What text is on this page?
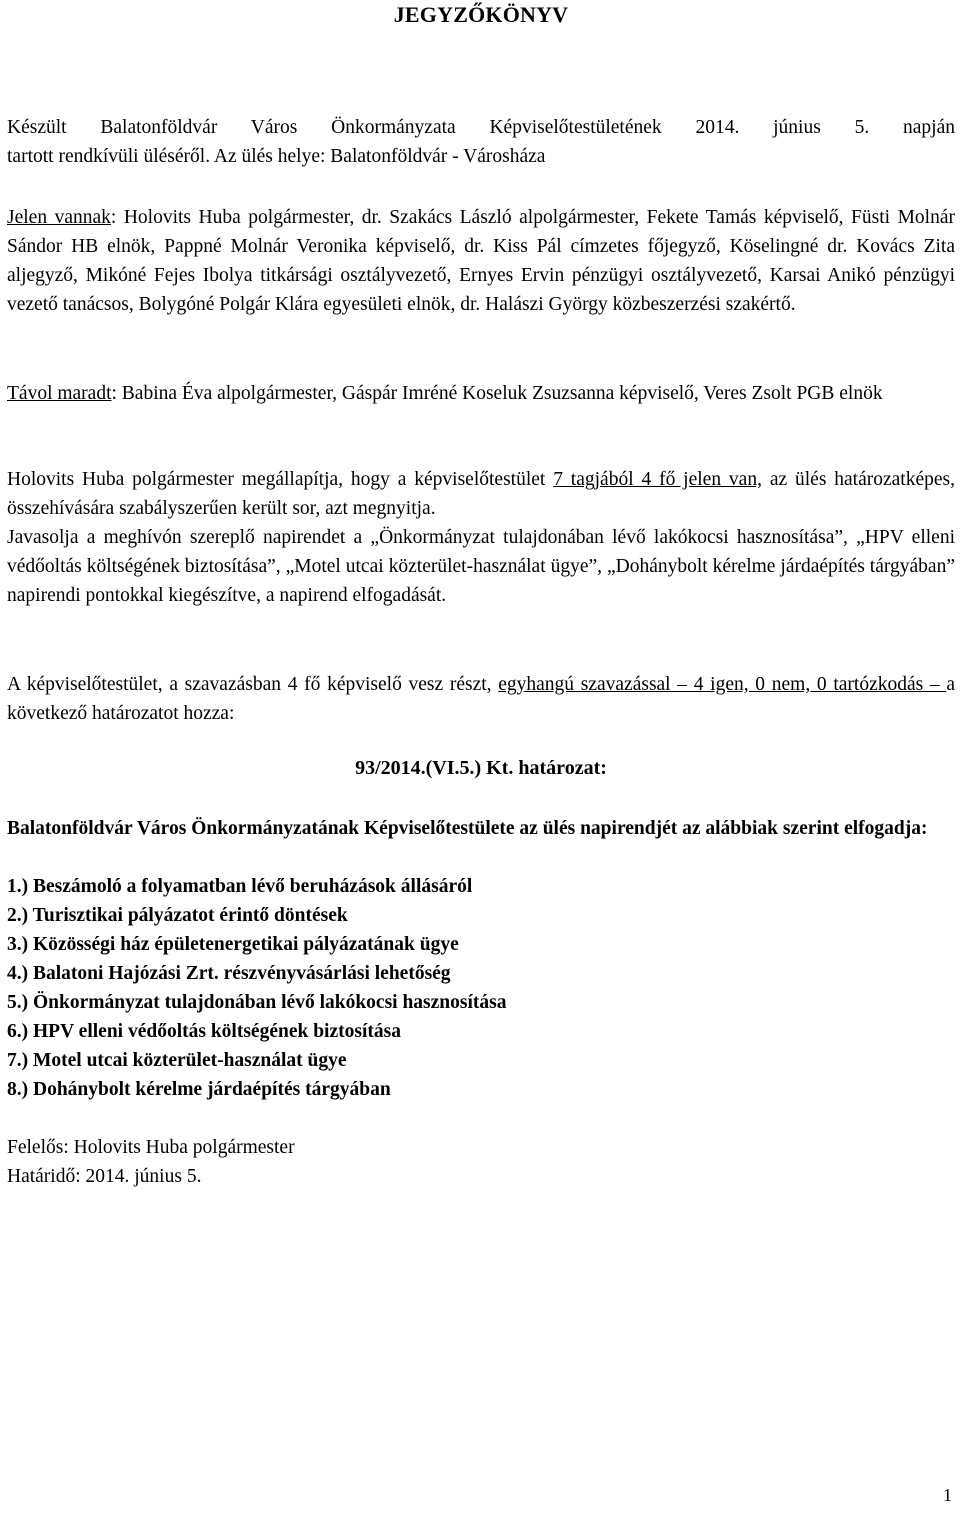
JEGYZŐKÖNYV
Készült Balatonföldvár Város Önkormányzata Képviselőtestületének 2014. június 5. napján
tartott rendkívüli üléséről. Az ülés helye: Balatonföldvár - Városháza
Jelen vannak: Holovits Huba polgármester, dr. Szakács László alpolgármester, Fekete Tamás képviselő, Füsti Molnár Sándor HB elnök, Pappné Molnár Veronika képviselő, dr. Kiss Pál címzetes főjegyző, Köselingné dr. Kovács Zita aljegyző, Mikóné Fejes Ibolya titkársági osztályvezető, Ernyes Ervin pénzügyi osztályvezető, Karsai Anikó pénzügyi vezető tanácsos, Bolygóné Polgár Klára egyesületi elnök, dr. Halászi György közbeszerzési szakértő.
Távol maradt: Babina Éva alpolgármester, Gáspár Imréné Koseluk Zsuzsanna képviselő, Veres Zsolt PGB elnök
Holovits Huba polgármester megállapítja, hogy a képviselőtestület 7 tagjából 4 fő jelen van, az ülés határozatképes, összehívására szabályszerűen került sor, azt megnyitja.
Javasolja a meghívón szereplő napirendet a „Önkormányzat tulajdonában lévő lakókocsi hasznosítása”, „HPV elleni védőoltás költségének biztosítása”, „Motel utcai közterület-használat ügye”, „Dohánybolt kérelme járdaépítés tárgyában” napirendi pontokkal kiegészítve, a napirend elfogadását.
A képviselőtestület, a szavazásban 4 fő képviselő vesz részt, egyhangú szavazással – 4 igen, 0 nem, 0 tartózkodás – a következő határozatot hozza:
93/2014.(VI.5.) Kt. határozat:
Balatonföldvár Város Önkormányzatának Képviselőtestülete az ülés napirendjét az alábbiak szerint elfogadja:
1.) Beszámoló a folyamatban lévő beruházások állásáról
2.) Turisztikai pályázatot érintő döntések
3.) Közösségi ház épületenergetikai pályázatának ügye
4.) Balatoni Hajózási Zrt. részvényvásárlási lehetőség
5.) Önkormányzat tulajdonában lévő lakókocsi hasznosítása
6.) HPV elleni védőoltás költségének biztosítása
7.) Motel utcai közterület-használat ügye
8.) Dohánybolt kérelme járdaépítés tárgyában
Felelős: Holovits Huba polgármester
Határidő: 2014. június 5.
1
